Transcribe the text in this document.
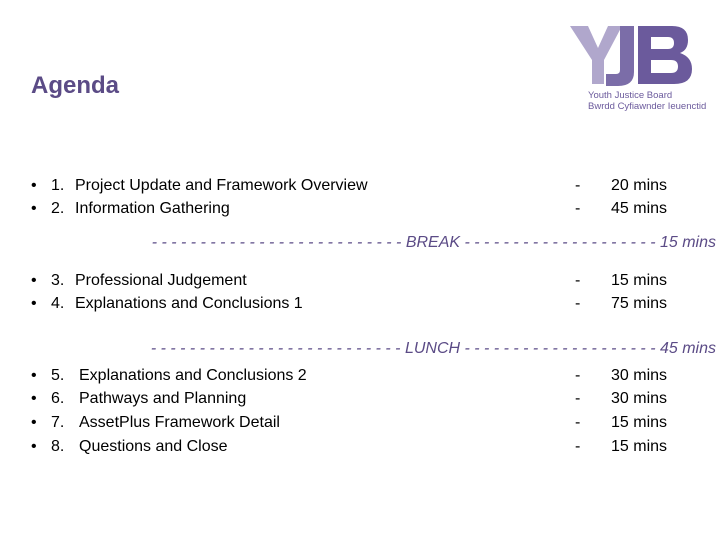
Agenda	Youth Justice Board
Bwrdd Cyfiawnder Ieuenctid
• 1. Project Update and Framework Overview	- 20 mins
• 2. Information Gathering	- 45 mins
- - - - - - - - - - - - - - - - - - - - - - - - - - BREAK - - - - - - - - - - - - - - - - - - - - 15 mins
• 3. Professional Judgement	- 15 mins
• 4. Explanations and Conclusions 1	- 75 mins
- - - - - - - - - - - - - - - - - - - - - - - - - - LUNCH - - - - - - - - - - - - - - - - - - - - 45 mins
• 5. Explanations and Conclusions 2	- 30 mins
• 6. Pathways and Planning	- 30 mins
• 7. AssetPlus Framework Detail	- 15 mins
• 8. Questions and Close	- 15 mins
